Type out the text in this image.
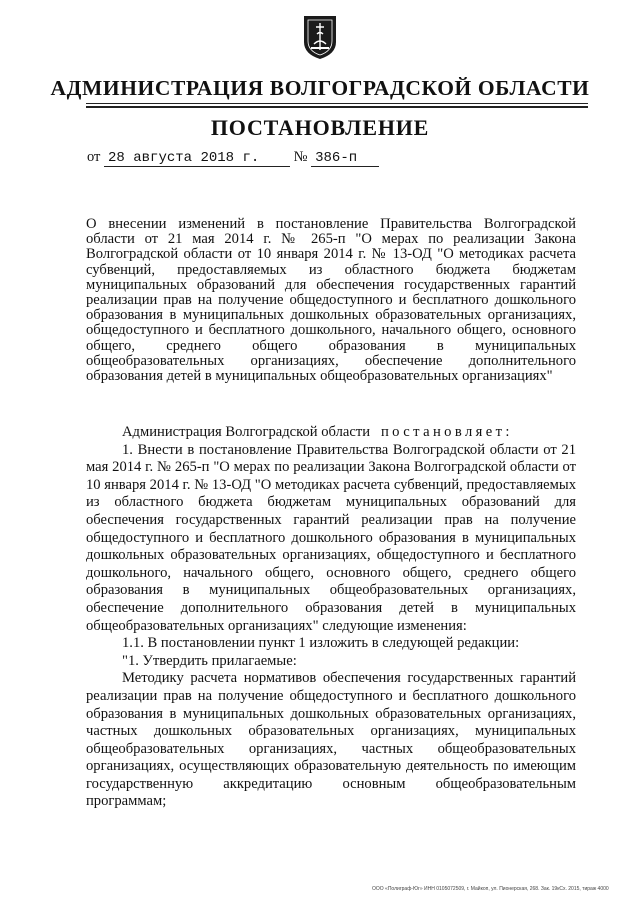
АДМИНИСТРАЦИЯ ВОЛГОГРАДСКОЙ ОБЛАСТИ
ПОСТАНОВЛЕНИЕ
от 28 августа 2018 г. № 386-п
О внесении изменений в постановление Правительства Волгоградской области от 21 мая 2014 г. № 265-п "О мерах по реализации Закона Волгоградской области от 10 января 2014 г. № 13-ОД "О методиках расчета субвенций, предоставляемых из областного бюджета бюджетам муниципальных образований для обеспечения государственных гарантий реализации прав на получение общедоступного и бесплатного дошкольного образования в муниципальных дошкольных образовательных организациях, общедоступного и бесплатного дошкольного, начального общего, основного общего, среднего общего образования в муниципальных общеобразовательных организациях, обеспечение дополнительного образования детей в муниципальных общеобразовательных организациях"

Администрация Волгоградской области постановляет:

1. Внести в постановление Правительства Волгоградской области от 21 мая 2014 г. № 265-п "О мерах по реализации Закона Волгоградской области от 10 января 2014 г. № 13-ОД "О методиках расчета субвенций, предоставляемых из областного бюджета бюджетам муниципальных образований для обеспечения государственных гарантий реализации прав на получение общедоступного и бесплатного дошкольного образования в муниципальных дошкольных образовательных организациях, общедоступного и бесплатного дошкольного, начального общего, основного общего, среднего общего образования в муниципальных общеобразовательных организациях, обеспечение дополнительного образования детей в муниципальных общеобразовательных организациях" следующие изменения:

1.1. В постановлении пункт 1 изложить в следующей редакции:

"1. Утвердить прилагаемые:

Методику расчета нормативов обеспечения государственных гарантий реализации прав на получение общедоступного и бесплатного дошкольного образования в муниципальных дошкольных образовательных организациях, частных дошкольных образовательных организациях, муниципальных общеобразовательных организациях, частных общеобразовательных организациях, осуществляющих образовательную деятельность по имеющим государственную аккредитацию основным общеобразовательным программам;

ООО «Полиграф-Юг» ИНН 0105072509, г. Майкоп, ул. Пионерская, 268. Зак. 19кСх. 2015, тираж 4000
